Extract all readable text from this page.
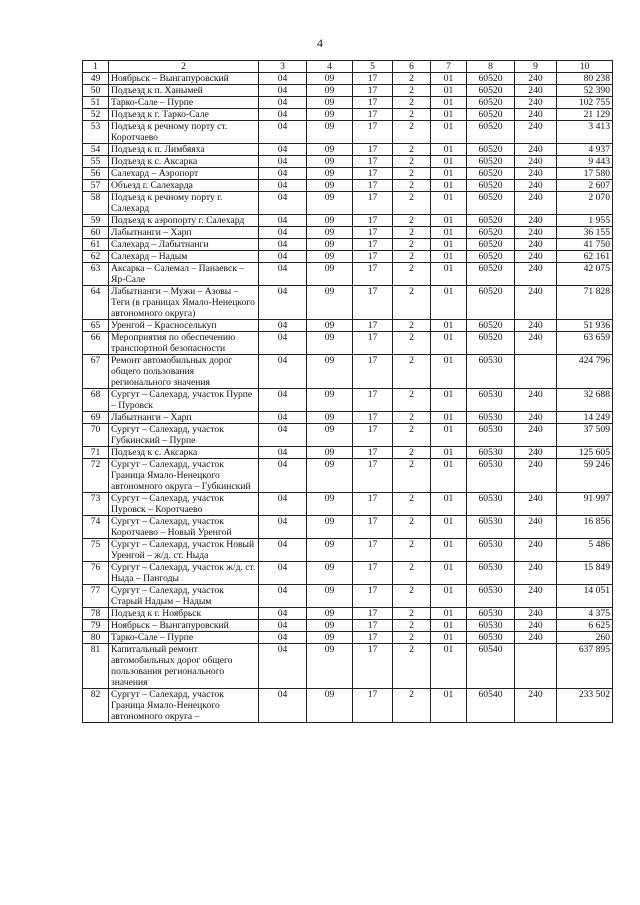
4
1	2	3	4	5	6	7	8	9	10
49	Ноябрьск – Вынгапуровский	04	09	17	2	01	60520	240	80 238
50	Подъезд к п. Ханымей	04	09	17	2	01	60520	240	52 390
51	Тарко-Сале – Пурпе	04	09	17	2	01	60520	240	102 755
52	Подъезд к г. Тарко-Сале	04	09	17	2	01	60520	240	21 129
53	Подъезд к речному порту ст. Коротчаево	04	09	17	2	01	60520	240	3 413
54	Подъезд к п. Лимбяяха	04	09	17	2	01	60520	240	4 937
55	Подъезд к с. Аксарка	04	09	17	2	01	60520	240	9 443
56	Салехард – Аэропорт	04	09	17	2	01	60520	240	17 580
57	Объезд г. Салехарда	04	09	17	2	01	60520	240	2 607
58	Подъезд к речному порту г. Салехард	04	09	17	2	01	60520	240	2 070
59	Подъезд к аэропорту г. Салехард	04	09	17	2	01	60520	240	1 955
60	Лабытнанги – Харп	04	09	17	2	01	60520	240	36 155
61	Салехард – Лабытнанги	04	09	17	2	01	60520	240	41 750
62	Салехард – Надым	04	09	17	2	01	60520	240	62 161
63	Аксарка – Салемал – Панаевск – Яр-Сале	04	09	17	2	01	60520	240	42 075
64	Лабытнанги – Мужи – Азовы – Теги (в границах Ямало-Ненецкого автономного округа)	04	09	17	2	01	60520	240	71 828
65	Уренгой – Красноселькуп	04	09	17	2	01	60520	240	51 936
66	Мероприятия по обеспечению транспортной безопасности	04	09	17	2	01	60520	240	63 659
67	Ремонт автомобильных дорог общего пользования регионального значения	04	09	17	2	01	60530		424 796
68	Сургут – Салехард, участок Пурпе – Пуровск	04	09	17	2	01	60530	240	32 688
69	Лабытнанги – Харп	04	09	17	2	01	60530	240	14 249
70	Сургут – Салехард, участок Губкинский – Пурпе	04	09	17	2	01	60530	240	37 509
71	Подъезд к с. Аксарка	04	09	17	2	01	60530	240	125 605
72	Сургут – Салехард, участок Граница Ямало-Ненецкого автономного округа – Губкинский	04	09	17	2	01	60530	240	59 246
73	Сургут – Салехард, участок Пуровск – Коротчаево	04	09	17	2	01	60530	240	91 997
74	Сургут – Салехард, участок Коротчаево – Новый Уренгой	04	09	17	2	01	60530	240	16 856
75	Сургут – Салехард, участок Новый Уренгой – ж/д. ст. Ныда	04	09	17	2	01	60530	240	5 486
76	Сургут – Салехард, участок ж/д. ст. Ныда – Пангоды	04	09	17	2	01	60530	240	15 849
77	Сургут – Салехард, участок Старый Надым – Надым	04	09	17	2	01	60530	240	14 051
78	Подъезд к г. Ноябрьск	04	09	17	2	01	60530	240	4 375
79	Ноябрьск – Вынгапуровский	04	09	17	2	01	60530	240	6 625
80	Тарко-Сале – Пурпе	04	09	17	2	01	60530	240	260
81	Капитальный ремонт автомобильных дорог общего пользования регионального значения	04	09	17	2	01	60540		637 895
82	Сургут – Салехард, участок Граница Ямало-Ненецкого автономного округа –	04	09	17	2	01	60540	240	233 502
